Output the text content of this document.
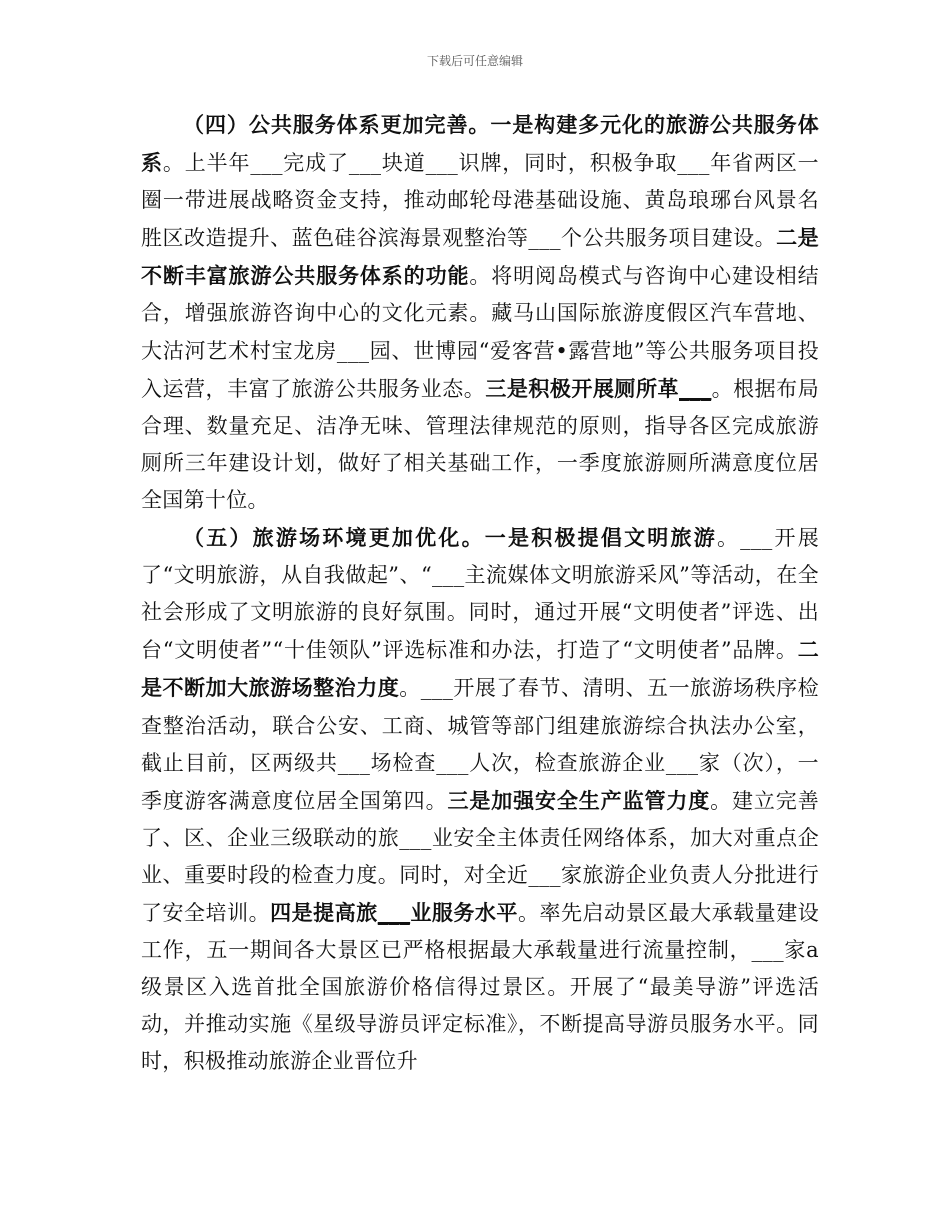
下载后可任意编辑

（四）公共服务体系更加完善。一是构建多元化的旅游公共服务体系。上半年___完成了___块道___识牌，同时，积极争取___年省两区一圈一带进展战略资金支持，推动邮轮母港基础设施、黄岛琅琊台风景名胜区改造提升、蓝色硅谷滨海景观整治等___个公共服务项目建设。二是不断丰富旅游公共服务体系的功能。将明阅岛模式与咨询中心建设相结合，增强旅游咨询中心的文化元素。藏马山国际旅游度假区汽车营地、大沽河艺术村宝龙房___园、世博园“爱客营•露营地”等公共服务项目投入运营，丰富了旅游公共服务业态。三是积极开展厕所革___。根据布局合理、数量充足、洁净无味、管理法律规范的原则，指导各区完成旅游厕所三年建设计划，做好了相关基础工作，一季度旅游厕所满意度位居全国第十位。

（五）旅游场环境更加优化。一是积极提倡文明旅游。___开展了“文明旅游，从自我做起”、“___主流媒体文明旅游采风”等活动，在全社会形成了文明旅游的良好氛围。同时，通过开展“文明使者”评选、出台“文明使者”“十佳领队”评选标准和办法，打造了“文明使者”品牌。二是不断加大旅游场整治力度。___开展了春节、清明、五一旅游场秩序检查整治活动，联合公安、工商、城管等部门组建旅游综合执法办公室，截止目前，区两级共___场检查___人次，检查旅游企业___家（次），一季度游客满意度位居全国第四。三是加强安全生产监管力度。建立完善了、区、企业三级联动的旅___业安全主体责任网络体系，加大对重点企业、重要时段的检查力度。同时，对全近___家旅游企业负责人分批进行了安全培训。四是提高旅___业服务水平。率先启动景区最大承载量建设工作，五一期间各大景区已严格根据最大承载量进行流量控制，___家a级景区入选首批全国旅游价格信得过景区。开展了“最美导游”评选活动，并推动实施《星级导游员评定标准》，不断提高导游员服务水平。同时，积极推动旅游企业晋位升
